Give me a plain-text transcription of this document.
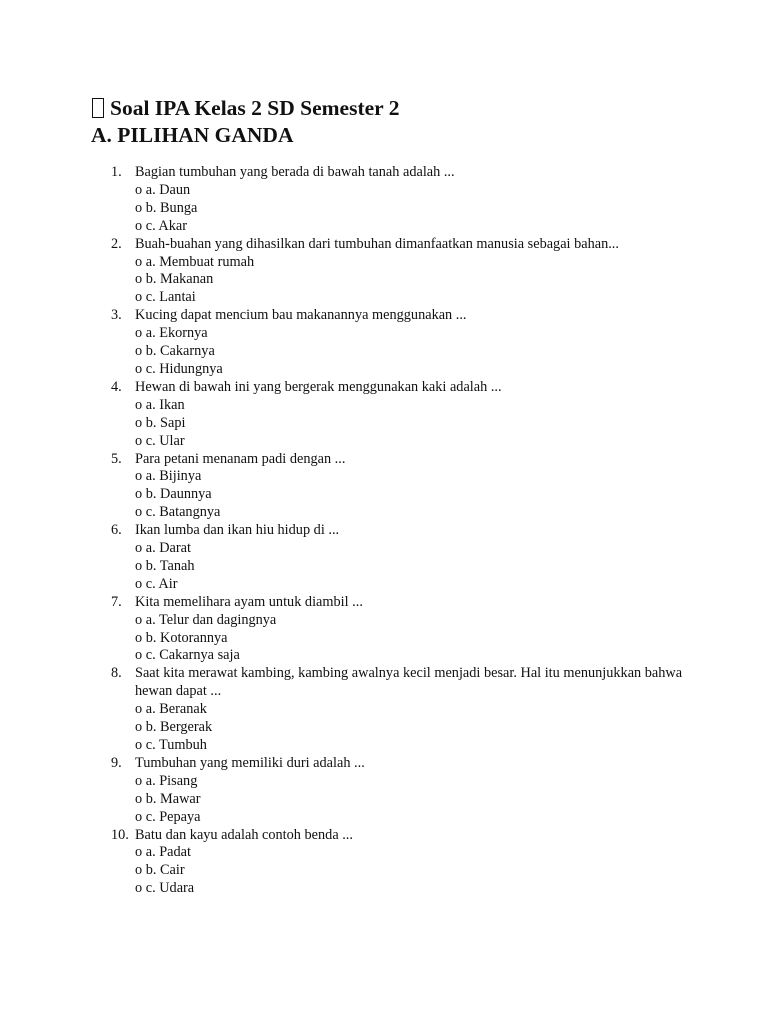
Soal IPA Kelas 2 SD Semester 2
A. PILIHAN GANDA
1. Bagian tumbuhan yang berada di bawah tanah adalah ...
o a. Daun
o b. Bunga
o c. Akar
2. Buah-buahan yang dihasilkan dari tumbuhan dimanfaatkan manusia sebagai bahan...
o a. Membuat rumah
o b. Makanan
o c. Lantai
3. Kucing dapat mencium bau makanannya menggunakan ...
o a. Ekornya
o b. Cakarnya
o c. Hidungnya
4. Hewan di bawah ini yang bergerak menggunakan kaki adalah ...
o a. Ikan
o b. Sapi
o c. Ular
5. Para petani menanam padi dengan ...
o a. Bijinya
o b. Daunnya
o c. Batangnya
6. Ikan lumba dan ikan hiu hidup di ...
o a. Darat
o b. Tanah
o c. Air
7. Kita memelihara ayam untuk diambil ...
o a. Telur dan dagingnya
o b. Kotorannya
o c. Cakarnya saja
8. Saat kita merawat kambing, kambing awalnya kecil menjadi besar. Hal itu menunjukkan bahwa hewan dapat ...
o a. Beranak
o b. Bergerak
o c. Tumbuh
9. Tumbuhan yang memiliki duri adalah ...
o a. Pisang
o b. Mawar
o c. Pepaya
10. Batu dan kayu adalah contoh benda ...
o a. Padat
o b. Cair
o c. Udara
